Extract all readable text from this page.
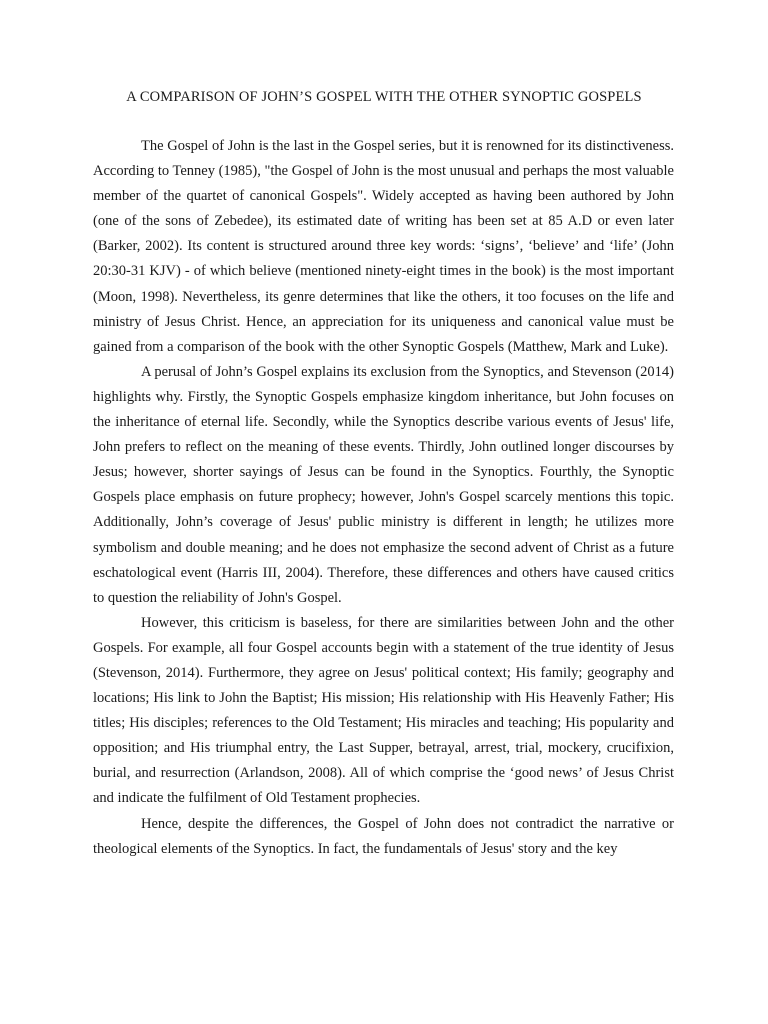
A COMPARISON OF JOHN’S GOSPEL WITH THE OTHER SYNOPTIC GOSPELS

The Gospel of John is the last in the Gospel series, but it is renowned for its distinctiveness. According to Tenney (1985), "the Gospel of John is the most unusual and perhaps the most valuable member of the quartet of canonical Gospels". Widely accepted as having been authored by John (one of the sons of Zebedee), its estimated date of writing has been set at 85 A.D or even later (Barker, 2002). Its content is structured around three key words: ‘signs’, ‘believe’ and ‘life’ (John 20:30-31 KJV) - of which believe (mentioned ninety-eight times in the book) is the most important (Moon, 1998). Nevertheless, its genre determines that like the others, it too focuses on the life and ministry of Jesus Christ. Hence, an appreciation for its uniqueness and canonical value must be gained from a comparison of the book with the other Synoptic Gospels (Matthew, Mark and Luke).

A perusal of John’s Gospel explains its exclusion from the Synoptics, and Stevenson (2014) highlights why. Firstly, the Synoptic Gospels emphasize kingdom inheritance, but John focuses on the inheritance of eternal life. Secondly, while the Synoptics describe various events of Jesus' life, John prefers to reflect on the meaning of these events. Thirdly, John outlined longer discourses by Jesus; however, shorter sayings of Jesus can be found in the Synoptics. Fourthly, the Synoptic Gospels place emphasis on future prophecy; however, John's Gospel scarcely mentions this topic. Additionally, John’s coverage of Jesus' public ministry is different in length; he utilizes more symbolism and double meaning; and he does not emphasize the second advent of Christ as a future eschatological event (Harris III, 2004). Therefore, these differences and others have caused critics to question the reliability of John's Gospel.

However, this criticism is baseless, for there are similarities between John and the other Gospels. For example, all four Gospel accounts begin with a statement of the true identity of Jesus (Stevenson, 2014). Furthermore, they agree on Jesus' political context; His family; geography and locations; His link to John the Baptist; His mission; His relationship with His Heavenly Father; His titles; His disciples; references to the Old Testament; His miracles and teaching; His popularity and opposition; and His triumphal entry, the Last Supper, betrayal, arrest, trial, mockery, crucifixion, burial, and resurrection (Arlandson, 2008). All of which comprise the ‘good news’ of Jesus Christ and indicate the fulfilment of Old Testament prophecies.

Hence, despite the differences, the Gospel of John does not contradict the narrative or theological elements of the Synoptics. In fact, the fundamentals of Jesus' story and the key
